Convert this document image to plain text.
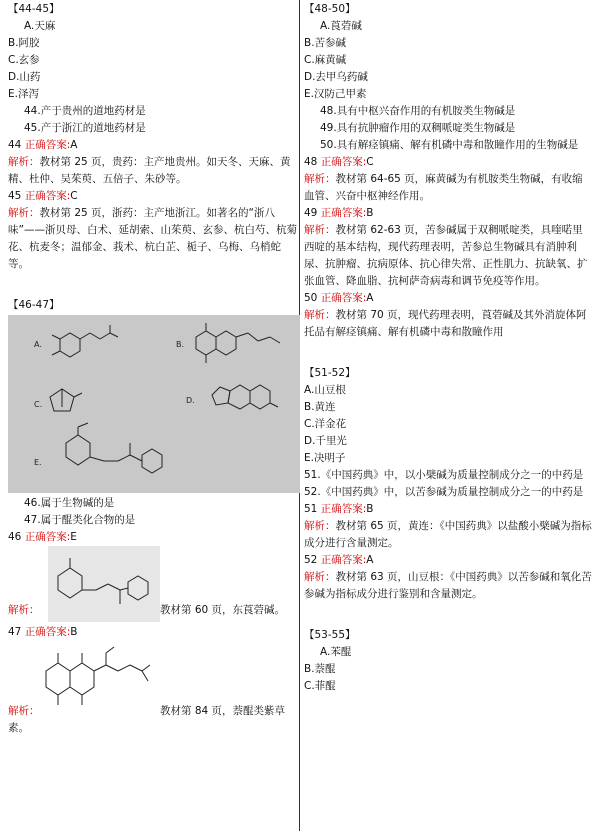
【44-45】

A.天麻

B.阿胶

C.玄参

D.山药

E.泽泻

44.产于贵州的道地药材是

45.产于浙江的道地药材是

44 正确答案:A

解析：教材第 25 页，贵药：主产地贵州。如天冬、天麻、黄精、杜仲、吴茱萸、五倍子、朱砂等。

45 正确答案:C

解析：教材第 25 页，浙药：主产地浙江。如著名的“浙八味”——浙贝母、白术、延胡索、山茱萸、玄参、杭白芍、杭菊花、杭麦冬；温郁金、莪术、杭白芷、栀子、乌梅、乌梢蛇等。

【46-47】

A.	B.
C.	D.
E.

46.属于生物碱的是

47.属于醌类化合物的是

46 正确答案:E

解析：	教材第 60 页，东莨菪碱。

47 正确答案:B

解析：	教材第 84 页，萘醌类紫草素。

【48-50】

A.莨菪碱

B.苦参碱

C.麻黄碱

D.去甲乌药碱

E.汉防己甲素

48.具有中枢兴奋作用的有机胺类生物碱是

49.具有抗肿瘤作用的双稠哌啶类生物碱是

50.具有解痉镇痛、解有机磷中毒和散瞳作用的生物碱是

48 正确答案:C

解析：教材第 64-65 页，麻黄碱为有机胺类生物碱，有收缩血管、兴奋中枢神经作用。

49 正确答案:B

解析：教材第 62-63 页，苦参碱属于双稠哌啶类，具喹喏里西啶的基本结构，现代药理表明，苦参总生物碱具有消肿利尿、抗肿瘤、抗病原体、抗心律失常、正性肌力、抗缺氧、扩张血管、降血脂、抗柯萨奇病毒和调节免疫等作用。

50 正确答案:A

解析：教材第 70 页，现代药理表明，莨菪碱及其外消旋体阿托品有解痉镇痛、解有机磷中毒和散瞳作用

【51-52】

A.山豆根

B.黄连

C.洋金花

D.千里光

E.决明子

51.《中国药典》中，以小檗碱为质量控制成分之一的中药是

52.《中国药典》中，以苦参碱为质量控制成分之一的中药是

51 正确答案:B

解析：教材第 65 页，黄连：《中国药典》以盐酸小檗碱为指标成分进行含量测定。

52 正确答案:A

解析：教材第 63 页，山豆根：《中国药典》以苦参碱和氧化苦参碱为指标成分进行鉴别和含量测定。

【53-55】

A.苯醌

B.萘醌

C.菲醌
